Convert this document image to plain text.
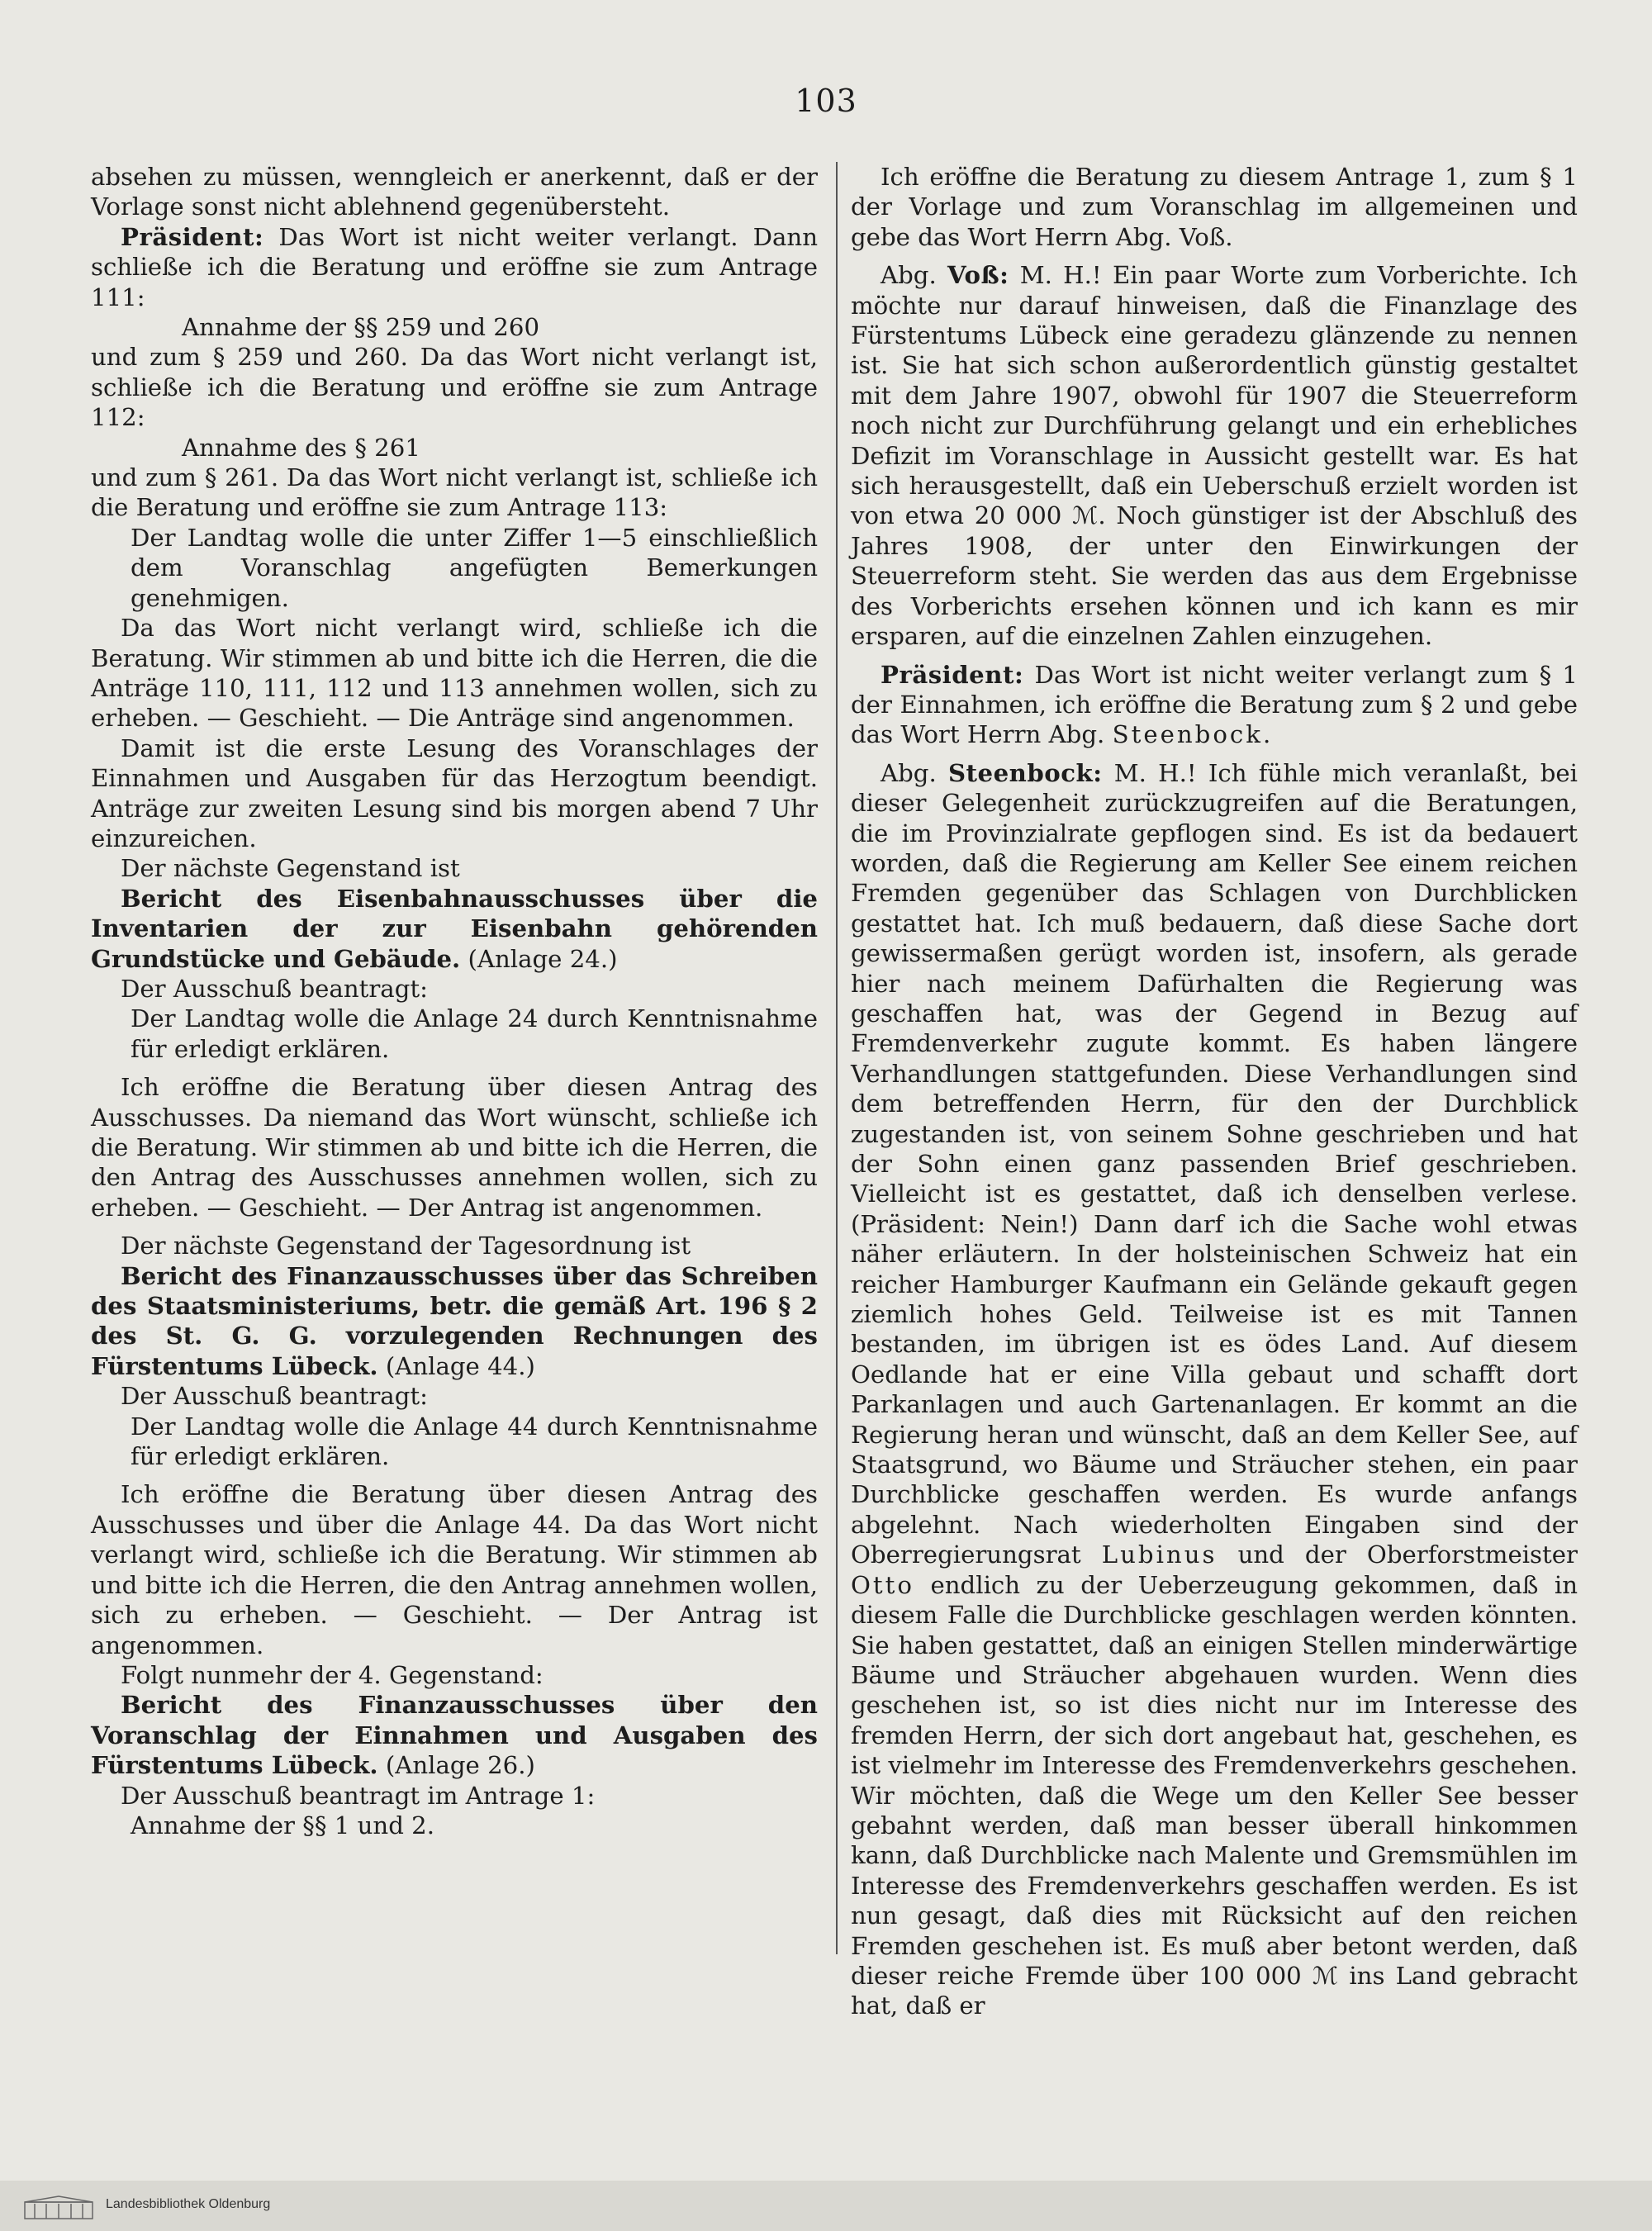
103

absehen zu müssen, wenngleich er anerkennt, daß er der Vorlage sonst nicht ablehnend gegenübersteht.

Präsident: Das Wort ist nicht weiter verlangt. Dann schließe ich die Beratung und eröffne sie zum Antrage 111:

Annahme der §§ 259 und 260

und zum § 259 und 260. Da das Wort nicht verlangt ist, schließe ich die Beratung und eröffne sie zum Antrage 112:

Annahme des § 261

und zum § 261. Da das Wort nicht verlangt ist, schließe ich die Beratung und eröffne sie zum Antrage 113:

Der Landtag wolle die unter Ziffer 1—5 einschließlich dem Voranschlag angefügten Bemerkungen genehmigen.

Da das Wort nicht verlangt wird, schließe ich die Beratung. Wir stimmen ab und bitte ich die Herren, die die Anträge 110, 111, 112 und 113 annehmen wollen, sich zu erheben. — Geschieht. — Die Anträge sind angenommen.

Damit ist die erste Lesung des Voranschlages der Einnahmen und Ausgaben für das Herzogtum beendigt. Anträge zur zweiten Lesung sind bis morgen abend 7 Uhr einzureichen.

Der nächste Gegenstand ist

Bericht des Eisenbahnausschusses über die Inventarien der zur Eisenbahn gehörenden Grundstücke und Gebäude. (Anlage 24.)

Der Ausschuß beantragt:

Der Landtag wolle die Anlage 24 durch Kenntnisnahme für erledigt erklären.

Ich eröffne die Beratung über diesen Antrag des Ausschusses. Da niemand das Wort wünscht, schließe ich die Beratung. Wir stimmen ab und bitte ich die Herren, die den Antrag des Ausschusses annehmen wollen, sich zu erheben. — Geschieht. — Der Antrag ist angenommen.

Der nächste Gegenstand der Tagesordnung ist

Bericht des Finanzausschusses über das Schreiben des Staatsministeriums, betr. die gemäß Art. 196 § 2 des St. G. G. vorzulegenden Rechnungen des Fürstentums Lübeck. (Anlage 44.)

Der Ausschuß beantragt:

Der Landtag wolle die Anlage 44 durch Kenntnisnahme für erledigt erklären.

Ich eröffne die Beratung über diesen Antrag des Ausschusses und über die Anlage 44. Da das Wort nicht verlangt wird, schließe ich die Beratung. Wir stimmen ab und bitte ich die Herren, die den Antrag annehmen wollen, sich zu erheben. — Geschieht. — Der Antrag ist angenommen.

Folgt nunmehr der 4. Gegenstand:

Bericht des Finanzausschusses über den Voranschlag der Einnahmen und Ausgaben des Fürstentums Lübeck. (Anlage 26.)

Der Ausschuß beantragt im Antrage 1:

Annahme der §§ 1 und 2.

Ich eröffne die Beratung zu diesem Antrage 1, zum § 1 der Vorlage und zum Voranschlag im allgemeinen und gebe das Wort Herrn Abg. Voß.

Abg. Voß: M. H.! Ein paar Worte zum Vorberichte. Ich möchte nur darauf hinweisen, daß die Finanzlage des Fürstentums Lübeck eine geradezu glänzende zu nennen ist. Sie hat sich schon außerordentlich günstig gestaltet mit dem Jahre 1907, obwohl für 1907 die Steuerreform noch nicht zur Durchführung gelangt und ein erhebliches Defizit im Voranschlage in Aussicht gestellt war. Es hat sich herausgestellt, daß ein Ueberschuß erzielt worden ist von etwa 20 000 ℳ. Noch günstiger ist der Abschluß des Jahres 1908, der unter den Einwirkungen der Steuerreform steht. Sie werden das aus dem Ergebnisse des Vorberichts ersehen können und ich kann es mir ersparen, auf die einzelnen Zahlen einzugehen.

Präsident: Das Wort ist nicht weiter verlangt zum § 1 der Einnahmen, ich eröffne die Beratung zum § 2 und gebe das Wort Herrn Abg. Steenbock.

Abg. Steenbock: M. H.! Ich fühle mich veranlaßt, bei dieser Gelegenheit zurückzugreifen auf die Beratungen, die im Provinzialrate gepflogen sind. Es ist da bedauert worden, daß die Regierung am Keller See einem reichen Fremden gegenüber das Schlagen von Durchblicken gestattet hat. Ich muß bedauern, daß diese Sache dort gewissermaßen gerügt worden ist, insofern, als gerade hier nach meinem Dafürhalten die Regierung was geschaffen hat, was der Gegend in Bezug auf Fremdenverkehr zugute kommt. Es haben längere Verhandlungen stattgefunden. Diese Verhandlungen sind dem betreffenden Herrn, für den der Durchblick zugestanden ist, von seinem Sohne geschrieben und hat der Sohn einen ganz passenden Brief geschrieben. Vielleicht ist es gestattet, daß ich denselben verlese. (Präsident: Nein!) Dann darf ich die Sache wohl etwas näher erläutern. In der holsteinischen Schweiz hat ein reicher Hamburger Kaufmann ein Gelände gekauft gegen ziemlich hohes Geld. Teilweise ist es mit Tannen bestanden, im übrigen ist es ödes Land. Auf diesem Oedlande hat er eine Villa gebaut und schafft dort Parkanlagen und auch Gartenanlagen. Er kommt an die Regierung heran und wünscht, daß an dem Keller See, auf Staatsgrund, wo Bäume und Sträucher stehen, ein paar Durchblicke geschaffen werden. Es wurde anfangs abgelehnt. Nach wiederholten Eingaben sind der Oberregierungsrat Lubinus und der Oberforstmeister Otto endlich zu der Ueberzeugung gekommen, daß in diesem Falle die Durchblicke geschlagen werden könnten. Sie haben gestattet, daß an einigen Stellen minderwärtige Bäume und Sträucher abgehauen wurden. Wenn dies geschehen ist, so ist dies nicht nur im Interesse des fremden Herrn, der sich dort angebaut hat, geschehen, es ist vielmehr im Interesse des Fremdenverkehrs geschehen. Wir möchten, daß die Wege um den Keller See besser gebahnt werden, daß man besser überall hinkommen kann, daß Durchblicke nach Malente und Gremsmühlen im Interesse des Fremdenverkehrs geschaffen werden. Es ist nun gesagt, daß dies mit Rücksicht auf den reichen Fremden geschehen ist. Es muß aber betont werden, daß dieser reiche Fremde über 100 000 ℳ ins Land gebracht hat, daß er

Landesbibliothek Oldenburg
